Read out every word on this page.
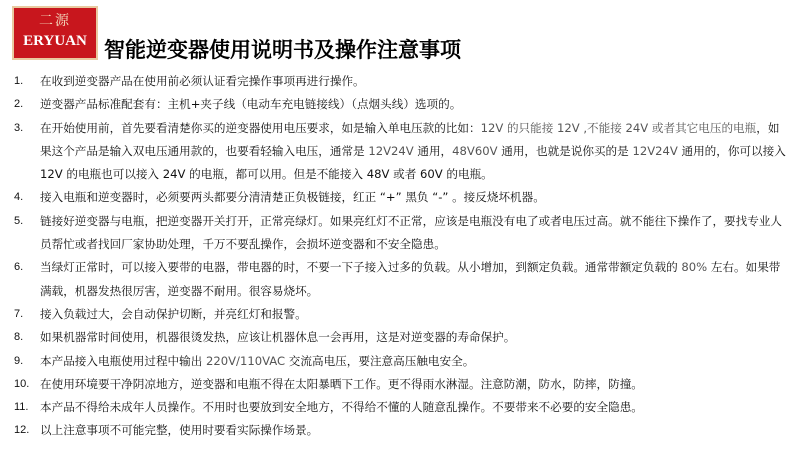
二源
ERYUAN 智能逆变器使用说明书及操作注意事项
1. 在收到逆变器产品在使用前必须认证看完操作事项再进行操作。
2. 逆变器产品标准配套有：主机+夹子线（电动车充电链接线）（点烟头线）选项的。
3. 在开始使用前，首先要看清楚你买的逆变器使用电压要求，如是输入单电压款的比如：12V 的只能接 12V ,不能接 24V 或者其它电压的电瓶，如果这个产品是输入双电压通用款的，也要看轻输入电压，通常是 12V24V 通用，48V60V 通用，也就是说你买的是 12V24V 通用的，你可以接入 12V 的电瓶也可以接入 24V 的电瓶，都可以用。但是不能接入 48V 或者 60V 的电瓶。
4. 接入电瓶和逆变器时，必须要两头都要分清清楚正负极链接，红正 “+” 黑负 “-” 。接反烧坏机器。
5. 链接好逆变器与电瓶，把逆变器开关打开，正常亮绿灯。如果亮红灯不正常，应该是电瓶没有电了或者电压过高。就不能往下操作了，要找专业人员帮忙或者找回厂家协助处理，千万不要乱操作，会损坏逆变器和不安全隐患。
6. 当绿灯正常时，可以接入要带的电器，带电器的时，不要一下子接入过多的负载。从小增加，到额定负载。通常带额定负载的 80% 左右。如果带满载，机器发热很厉害，逆变器不耐用。很容易烧坏。
7. 接入负载过大，会自动保护切断，并亮红灯和报警。
8. 如果机器常时间使用，机器很烫发热，应该让机器休息一会再用，这是对逆变器的寿命保护。
9. 本产品接入电瓶使用过程中输出 220V/110VAC 交流高电压，要注意高压触电安全。
10. 在使用环境要干净阴凉地方，逆变器和电瓶不得在太阳暴晒下工作。更不得雨水淋湿。注意防潮，防水，防摔，防撞。
11. 本产品不得给未成年人员操作。不用时也要放到安全地方，不得给不懂的人随意乱操作。不要带来不必要的安全隐患。
12. 以上注意事项不可能完整，使用时要看实际操作场景。
